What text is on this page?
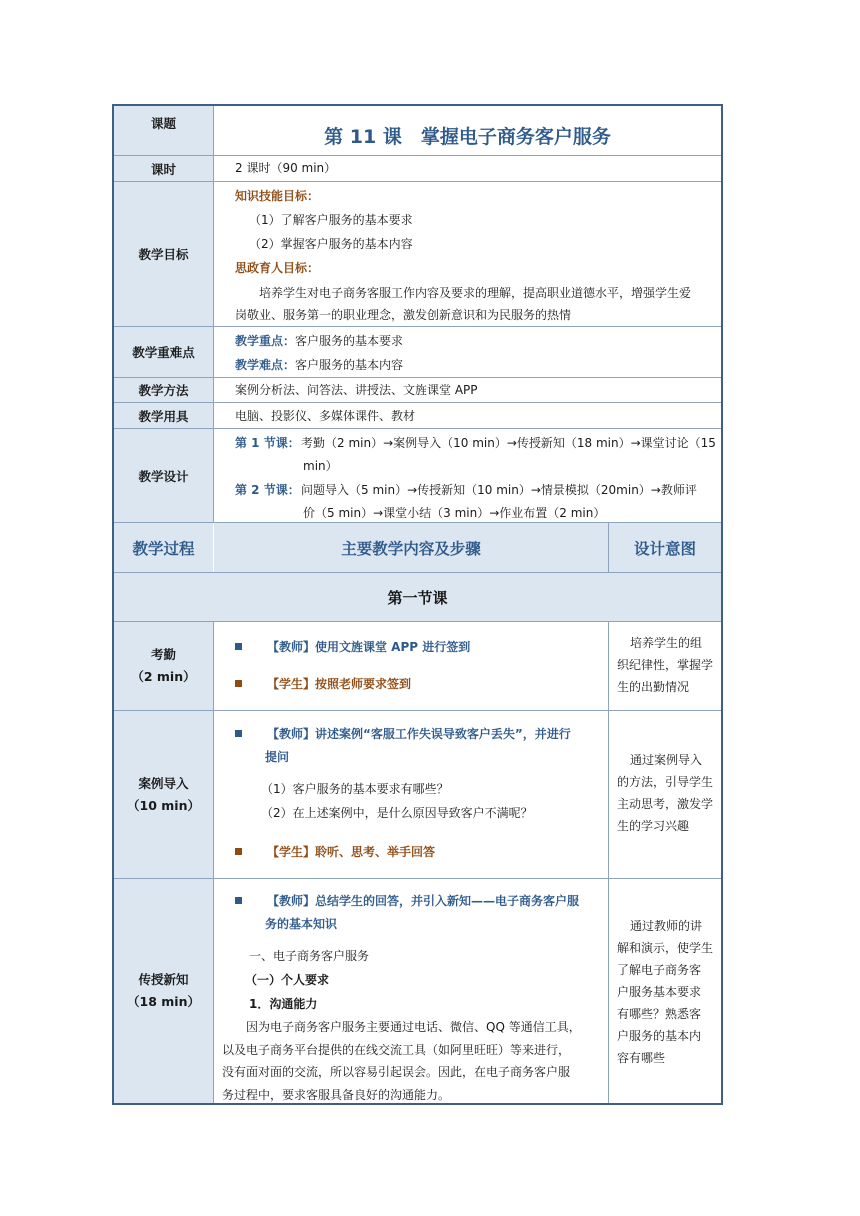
课题
课时
教学目标
教学重难点
教学方法
教学用具
教学设计
教学过程	主要教学内容及步骤	设计意图
第一节课
考勤
（2 min）
案例导入
（10 min）
传授新知
（18 min）
第 11 课　掌握电子商务客户服务
2 课时（90 min）
知识技能目标：
（1）了解客户服务的基本要求
（2）掌握客户服务的基本内容
思政育人目标：
培养学生对电子商务客服工作内容及要求的理解，提高职业道德水平，增强学生爱
岗敬业、服务第一的职业理念，激发创新意识和为民服务的热情
教学重点：客户服务的基本要求
教学难点：客户服务的基本内容
案例分析法、问答法、讲授法、文旌课堂 APP
电脑、投影仪、多媒体课件、教材
第 1 节课： 考勤（2 min）→案例导入（10 min）→传授新知（18 min）→课堂讨论（15
min）
第 2 节课： 问题导入（5 min）→传授新知（10 min）→情景模拟（20min）→教师评
价（5 min）→课堂小结（3 min）→作业布置（2 min）
【教师】使用文旌课堂 APP 进行签到
【学生】按照老师要求签到
培养学生的组
织纪律性，掌握学
生的出勤情况
【教师】讲述案例“客服工作失误导致客户丢失”，并进行
提问
（1）客户服务的基本要求有哪些？
（2）在上述案例中，是什么原因导致客户不满呢？
【学生】聆听、思考、举手回答
通过案例导入
的方法，引导学生
主动思考，激发学
生的学习兴趣
【教师】总结学生的回答，并引入新知——电子商务客户服
务的基本知识
一、电子商务客户服务
（一）个人要求
1．沟通能力
因为电子商务客户服务主要通过电话、微信、QQ 等通信工具，
以及电子商务平台提供的在线交流工具（如阿里旺旺）等来进行，
没有面对面的交流，所以容易引起误会。因此，在电子商务客户服
务过程中，要求客服具备良好的沟通能力。
通过教师的讲
解和演示，使学生
了解电子商务客
户服务基本要求
有哪些？熟悉客
户服务的基本内
容有哪些
